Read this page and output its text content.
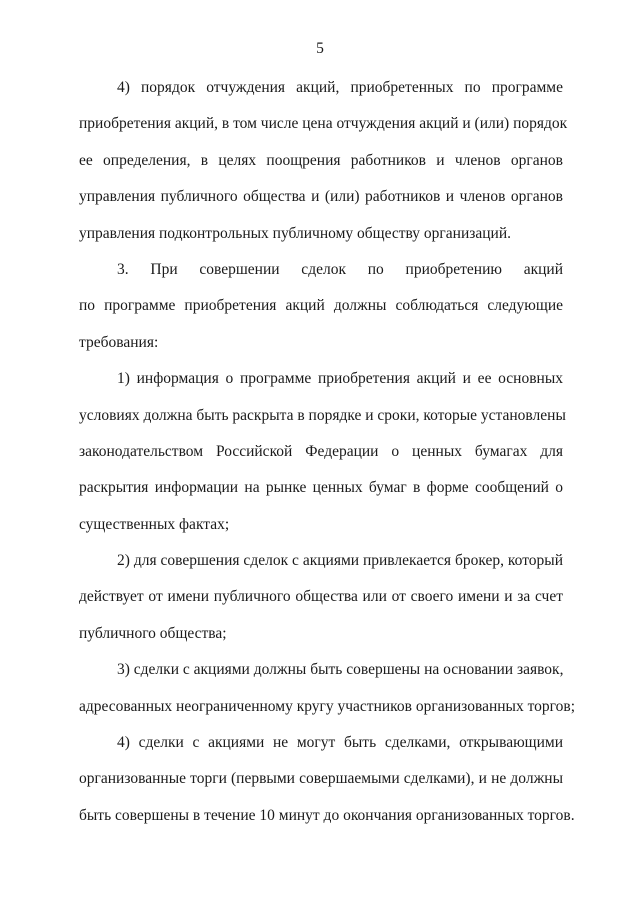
5
4) порядок отчуждения акций, приобретенных по программе
приобретения акций, в том числе цена отчуждения акций и (или) порядок
ее определения, в целях поощрения работников и членов органов
управления публичного общества и (или) работников и членов органов
управления подконтрольных публичному обществу организаций.
3. При совершении сделок по приобретению акций
по программе приобретения акций должны соблюдаться следующие
требования:
1) информация о программе приобретения акций и ее основных
условиях должна быть раскрыта в порядке и сроки, которые установлены
законодательством Российской Федерации о ценных бумагах для
раскрытия информации на рынке ценных бумаг в форме сообщений о
существенных фактах;
2) для совершения сделок с акциями привлекается брокер, который
действует от имени публичного общества или от своего имени и за счет
публичного общества;
3) сделки с акциями должны быть совершены на основании заявок,
адресованных неограниченному кругу участников организованных торгов;
4) сделки с акциями не могут быть сделками, открывающими
организованные торги (первыми совершаемыми сделками), и не должны
быть совершены в течение 10 минут до окончания организованных торгов.
